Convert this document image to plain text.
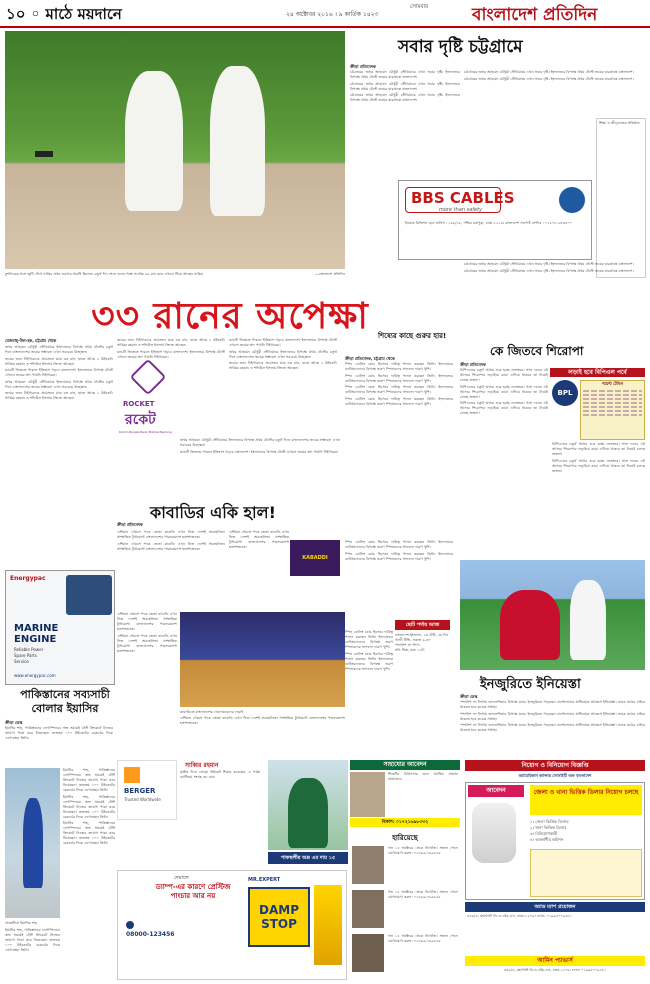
১০ ◦ মাঠে ময়দানে	২৪ অক্টোবর ২০১৬ । ৯ কার্তিক ১৪২৩
সোমবার	বাংলাদেশ প্রতিদিন
মুশফিকের সঙ্গে জুটি গেঁথে সাকিব প্রথম ভরসার সারথি ছিলেন। চতুর্থ দিন শেষে দলের পক্ষে সর্বোচ্চ ৫৯ রান করে এখনো টিকে আছেন সাকিব	—বাংলাদেশ প্রতিদিন
সবার দৃষ্টি চট্টগ্রামে
ক্রীড়া প্রতিবেদক

চট্টগ্রামের জহুর আহমেদ চৌধুরী স্টেডিয়ামে এখন সবার দৃষ্টি। ইংল্যান্ডের বিপক্ষে প্রথম টেস্টে জয়ের দ্বারপ্রান্তে বাংলাদেশ।

চট্টগ্রামের জহুর আহমেদ চৌধুরী স্টেডিয়ামে এখন সবার দৃষ্টি। ইংল্যান্ডের বিপক্ষে প্রথম টেস্টে জয়ের দ্বারপ্রান্তে বাংলাদেশ।

চট্টগ্রামের জহুর আহমেদ চৌধুরী স্টেডিয়ামে এখন সবার দৃষ্টি। ইংল্যান্ডের বিপক্ষে প্রথম টেস্টে জয়ের দ্বারপ্রান্তে বাংলাদেশ।

চট্টগ্রামের জহুর আহমেদ চৌধুরী স্টেডিয়ামে এখন সবার দৃষ্টি। ইংল্যান্ডের বিপক্ষে প্রথম টেস্টে জয়ের দ্বারপ্রান্তে বাংলাদেশ।

চট্টগ্রামের জহুর আহমেদ চৌধুরী স্টেডিয়ামে এখন সবার দৃষ্টি। ইংল্যান্ডের বিপক্ষে প্রথম টেস্টে জয়ের দ্বারপ্রান্তে বাংলাদেশ।

শিক্ষা ও ক্রীড়াবান্ধব প্রতিষ্ঠান
BBS CABLES
more than safety
ইনকাম ডিভিশন হেড অফিস : ১৬৮/২৮, পশ্চিম রামপুরা, ঢাকা-১২১৯। বাংলাদেশ সাপোর্ট সেন্টার : ০১৫০৮-২৪৩৫০০

চট্টগ্রামের জহুর আহমেদ চৌধুরী স্টেডিয়ামে এখন সবার দৃষ্টি। ইংল্যান্ডের বিপক্ষে প্রথম টেস্টে জয়ের দ্বারপ্রান্তে বাংলাদেশ।

চট্টগ্রামের জহুর আহমেদ চৌধুরী স্টেডিয়ামে এখন সবার দৃষ্টি। ইংল্যান্ডের বিপক্ষে প্রথম টেস্টে জয়ের দ্বারপ্রান্তে বাংলাদেশ।

৩৩ রানের অপেক্ষা
মেজবাহ্-উল-হক, চট্টগ্রাম থেকে

জহুর আহমেদ চৌধুরী স্টেডিয়ামে ইংল্যান্ডের বিপক্ষে প্রথম টেস্টের চতুর্থ দিনে বাংলাদেশের জয়ের সম্ভাবনা এখন সবচেয়ে উজ্জ্বল।

জয়ের জন্য টাইগারদের প্রয়োজন মাত্র ৩৩ রান, হাতে আছে ২ উইকেট। সাব্বির রহমান ও শফিউল ইসলাম ক্রিজে আছেন।

ম্যাচটি জিততে পারলে ইতিহাস গড়বে বাংলাদেশ। ইংল্যান্ডের বিপক্ষে টেস্টে এখনো জয়ের স্বাদ পায়নি টাইগাররা।

জহুর আহমেদ চৌধুরী স্টেডিয়ামে ইংল্যান্ডের বিপক্ষে প্রথম টেস্টের চতুর্থ দিনে বাংলাদেশের জয়ের সম্ভাবনা এখন সবচেয়ে উজ্জ্বল।

জয়ের জন্য টাইগারদের প্রয়োজন মাত্র ৩৩ রান, হাতে আছে ২ উইকেট। সাব্বির রহমান ও শফিউল ইসলাম ক্রিজে আছেন।

জয়ের জন্য টাইগারদের প্রয়োজন মাত্র ৩৩ রান, হাতে আছে ২ উইকেট। সাব্বির রহমান ও শফিউল ইসলাম ক্রিজে আছেন।

ম্যাচটি জিততে পারলে ইতিহাস গড়বে বাংলাদেশ। ইংল্যান্ডের বিপক্ষে টেস্টে এখনো জয়ের স্বাদ পায়নি টাইগাররা।

ম্যাচটি জিততে পারলে ইতিহাস গড়বে বাংলাদেশ। ইংল্যান্ডের বিপক্ষে টেস্টে এখনো জয়ের স্বাদ পায়নি টাইগাররা।

জহুর আহমেদ চৌধুরী স্টেডিয়ামে ইংল্যান্ডের বিপক্ষে প্রথম টেস্টের চতুর্থ দিনে বাংলাদেশের জয়ের সম্ভাবনা এখন সবচেয়ে উজ্জ্বল।

জয়ের জন্য টাইগারদের প্রয়োজন মাত্র ৩৩ রান, হাতে আছে ২ উইকেট। সাব্বির রহমান ও শফিউল ইসলাম ক্রিজে আছেন।

জহুর আহমেদ চৌধুরী স্টেডিয়ামে ইংল্যান্ডের বিপক্ষে প্রথম টেস্টের চতুর্থ দিনে বাংলাদেশের জয়ের সম্ভাবনা এখন সবচেয়ে উজ্জ্বল।

ম্যাচটি জিততে পারলে ইতিহাস গড়বে বাংলাদেশ। ইংল্যান্ডের বিপক্ষে টেস্টে এখনো জয়ের স্বাদ পায়নি টাইগাররা।

ROCKET
রকেট
Dutch-Bangla Bank Mobile Banking
শিষ্যের কাছে গুরুর হার!
ক্রীড়া প্রতিবেদক, চট্টগ্রাম থেকে

স্পিন বোলিং কোচ হিসেবে দায়িত্ব পালন করছেন তিনি। ইংল্যান্ডের ব্যাটসম্যানদের বিপক্ষে তরুণ স্পিনারদের সাফল্যে দারুণ খুশি।

স্পিন বোলিং কোচ হিসেবে দায়িত্ব পালন করছেন তিনি। ইংল্যান্ডের ব্যাটসম্যানদের বিপক্ষে তরুণ স্পিনারদের সাফল্যে দারুণ খুশি।

স্পিন বোলিং কোচ হিসেবে দায়িত্ব পালন করছেন তিনি। ইংল্যান্ডের ব্যাটসম্যানদের বিপক্ষে তরুণ স্পিনারদের সাফল্যে দারুণ খুশি।

স্পিন বোলিং কোচ হিসেবে দায়িত্ব পালন করছেন তিনি। ইংল্যান্ডের ব্যাটসম্যানদের বিপক্ষে তরুণ স্পিনারদের সাফল্যে দারুণ খুশি।

কে জিতবে শিরোপা
ক্রীড়া প্রতিবেদক

বিপিএলের চতুর্থ আসর শুরু হচ্ছে নভেম্বরে। সাত দলের এই আসরে শিরোপার লড়াইয়ে কারা এগিয়ে থাকবে তা নিয়েই চলছে জল্পনা।

বিপিএলের চতুর্থ আসর শুরু হচ্ছে নভেম্বরে। সাত দলের এই আসরে শিরোপার লড়াইয়ে কারা এগিয়ে থাকবে তা নিয়েই চলছে জল্পনা।

বিপিএলের চতুর্থ আসর শুরু হচ্ছে নভেম্বরে। সাত দলের এই আসরে শিরোপার লড়াইয়ে কারা এগিয়ে থাকবে তা নিয়েই চলছে জল্পনা।

লড়াই হবে বিপিএল পর্বে
BPL
পয়েন্ট টেবিল

বিপিএলের চতুর্থ আসর শুরু হচ্ছে নভেম্বরে। সাত দলের এই আসরে শিরোপার লড়াইয়ে কারা এগিয়ে থাকবে তা নিয়েই চলছে জল্পনা।

বিপিএলের চতুর্থ আসর শুরু হচ্ছে নভেম্বরে। সাত দলের এই আসরে শিরোপার লড়াইয়ে কারা এগিয়ে থাকবে তা নিয়েই চলছে জল্পনা।

Energypac
MARINE ENGINE
Reliable Power
Spare Parts
Service
www.energypac.com
কাবাডির একি হাল!
ক্রীড়া প্রতিবেদক

এশিয়ান গেমসে পদক জেতা কাবাডি এখন নিজ দেশেই অবহেলিত। সাম্প্রতিক টুর্নামেন্টে বাংলাদেশের পারফরম্যান্স হতাশাজনক।

এশিয়ান গেমসে পদক জেতা কাবাডি এখন নিজ দেশেই অবহেলিত। সাম্প্রতিক টুর্নামেন্টে বাংলাদেশের পারফরম্যান্স হতাশাজনক।

এশিয়ান গেমসে পদক জেতা কাবাডি এখন নিজ দেশেই অবহেলিত। সাম্প্রতিক টুর্নামেন্টে বাংলাদেশের পারফরম্যান্স হতাশাজনক।

KABADDI
কাবাডিতে বাংলাদেশের খেলোয়াড়দের লড়াই

এশিয়ান গেমসে পদক জেতা কাবাডি এখন নিজ দেশেই অবহেলিত। সাম্প্রতিক টুর্নামেন্টে বাংলাদেশের পারফরম্যান্স হতাশাজনক।

এশিয়ান গেমসে পদক জেতা কাবাডি এখন নিজ দেশেই অবহেলিত। সাম্প্রতিক টুর্নামেন্টে বাংলাদেশের পারফরম্যান্স হতাশাজনক।

এশিয়ান গেমসে পদক জেতা কাবাডি এখন নিজ দেশেই অবহেলিত। সাম্প্রতিক টুর্নামেন্টে বাংলাদেশের পারফরম্যান্স হতাশাজনক।

পাকিস্তানের সব্যসাচী বোলার ইয়াসির
ক্রীড়া ডেস্ক
ইয়াসির শাহ, পাকিস্তানের লেগস্পিনার। অল্প সময়েই টেস্ট ক্রিকেটে নিজের জায়গা পাকা করে নিয়েছেন। দ্রুততম ১০০ উইকেটের রেকর্ডের দিকে এগোচ্ছেন তিনি।

ইয়াসির শাহ, পাকিস্তানের লেগস্পিনার। অল্প সময়েই টেস্ট ক্রিকেটে নিজের জায়গা পাকা করে নিয়েছেন। দ্রুততম ১০০ উইকেটের রেকর্ডের দিকে এগোচ্ছেন তিনি।

ইয়াসির শাহ, পাকিস্তানের লেগস্পিনার। অল্প সময়েই টেস্ট ক্রিকেটে নিজের জায়গা পাকা করে নিয়েছেন। দ্রুততম ১০০ উইকেটের রেকর্ডের দিকে এগোচ্ছেন তিনি।

ইয়াসির শাহ, পাকিস্তানের লেগস্পিনার। অল্প সময়েই টেস্ট ক্রিকেটে নিজের জায়গা পাকা করে নিয়েছেন। দ্রুততম ১০০ উইকেটের রেকর্ডের দিকে এগোচ্ছেন তিনি।

প্র্যাকটিসে ইয়াসির শাহ
ইয়াসির শাহ, পাকিস্তানের লেগস্পিনার। অল্প সময়েই টেস্ট ক্রিকেটে নিজের জায়গা পাকা করে নিয়েছেন। দ্রুততম ১০০ উইকেটের রেকর্ডের দিকে এগোচ্ছেন তিনি।
BERGER
Trusted Worldwide
সাব্বির রহমান
তৃতীয় দিনে জোড়া উইকেট শিকার করেছেন, এ পর্যন্ত ব্যাটিংয়ে সংগ্রহ ৩৮ রান।
পাকস্থলীর অম্ল এর দায় ১৫
দেয়ালে
ড্যাম্প-এর কারণে প্রেস্টিজ পাংচার আর নয়
08000-123456
MR.EXPERT
DAMP STOP
ইনজুরিতে ইনিয়েস্তা
ক্রীড়া ডেস্ক

স্প্যানিশ লা লিগায় ভ্যালেন্সিয়ার বিপক্ষে ম্যাচে ইনজুরিতে পড়েছেন বার্সেলোনার অধিনায়ক আন্দ্রেস ইনিয়েস্তা। তাকে মাঠের বাইরে থাকতে হবে কয়েক সপ্তাহ।

স্প্যানিশ লা লিগায় ভ্যালেন্সিয়ার বিপক্ষে ম্যাচে ইনজুরিতে পড়েছেন বার্সেলোনার অধিনায়ক আন্দ্রেস ইনিয়েস্তা। তাকে মাঠের বাইরে থাকতে হবে কয়েক সপ্তাহ।

স্প্যানিশ লা লিগায় ভ্যালেন্সিয়ার বিপক্ষে ম্যাচে ইনজুরিতে পড়েছেন বার্সেলোনার অধিনায়ক আন্দ্রেস ইনিয়েস্তা। তাকে মাঠের বাইরে থাকতে হবে কয়েক সপ্তাহ।

স্পিন বোলিং কোচ হিসেবে দায়িত্ব পালন করছেন তিনি। ইংল্যান্ডের ব্যাটসম্যানদের বিপক্ষে তরুণ স্পিনারদের সাফল্যে দারুণ খুশি।

স্পিন বোলিং কোচ হিসেবে দায়িত্ব পালন করছেন তিনি। ইংল্যান্ডের ব্যাটসম্যানদের বিপক্ষে তরুণ স্পিনারদের সাফল্যে দারুণ খুশি।

ছোট পর্দায় আজ
বাংলাদেশ-ইংল্যান্ড, ১ম টেস্ট, ৫ম দিন
গাজী টিভি, সকাল ৯-৩০
স্প্যানিশ লা লিগা
সনি সিক্স, রাত ১২টা

স্পিন বোলিং কোচ হিসেবে দায়িত্ব পালন করছেন তিনি। ইংল্যান্ডের ব্যাটসম্যানদের বিপক্ষে তরুণ স্পিনারদের সাফল্যে দারুণ খুশি।

স্পিন বোলিং কোচ হিসেবে দায়িত্ব পালন করছেন তিনি। ইংল্যান্ডের ব্যাটসম্যানদের বিপক্ষে তরুণ স্পিনারদের সাফল্যে দারুণ খুশি।

সাহায্যের আবেদন
শিশুটির চিকিৎসার জন্য আর্থিক সাহায্য প্রয়োজন।
বিকাশ: ০১৭২১৬৯৮৩৩২
হারিয়েছে
গত ১৫ অক্টোবর থেকে নিখোঁজ। সন্ধান পেলে যোগাযোগ করুন: ০১৮৬৬-৭৯৯৮৫৫
গত ১৫ অক্টোবর থেকে নিখোঁজ। সন্ধান পেলে যোগাযোগ করুন: ০১৮৬৬-৭৯৯৮৫৫
গত ১৫ অক্টোবর থেকে নিখোঁজ। সন্ধান পেলে যোগাযোগ করুন: ০১৮৬৬-৭৯৯৮৫৫
নিয়োগ ও বিনিয়োগ বিজ্ঞপ্তি
অ্যামেরিকান ক্যান্সার সোসাইটি অফ বাংলাদেশ
আবেদন	জেলা ও থানা ভিত্তিক ডিলার নিয়োগ চলছে
১। জেলা ভিত্তিক ডিলার
২। থানা ভিত্তিক ডিলার
৩। বিনিয়োগকারী
৪। আকর্ষণীয় কমিশন
অ্যাড ম্যাপ প্রয়োজন
৪৪৯/এ, মহাখালী ডি.ও.এইচ.এস, ঢাকা-১২০৬। ফোন: ০১৯৯৫০০৯২৮১
আমিন প্যাভার্স
৪৪৯/এ, মহাখালী ডি.ও.এইচ.এস, ঢাকা-১২০৬। ফোন: ০১৯৯৫০০৯২৮১
